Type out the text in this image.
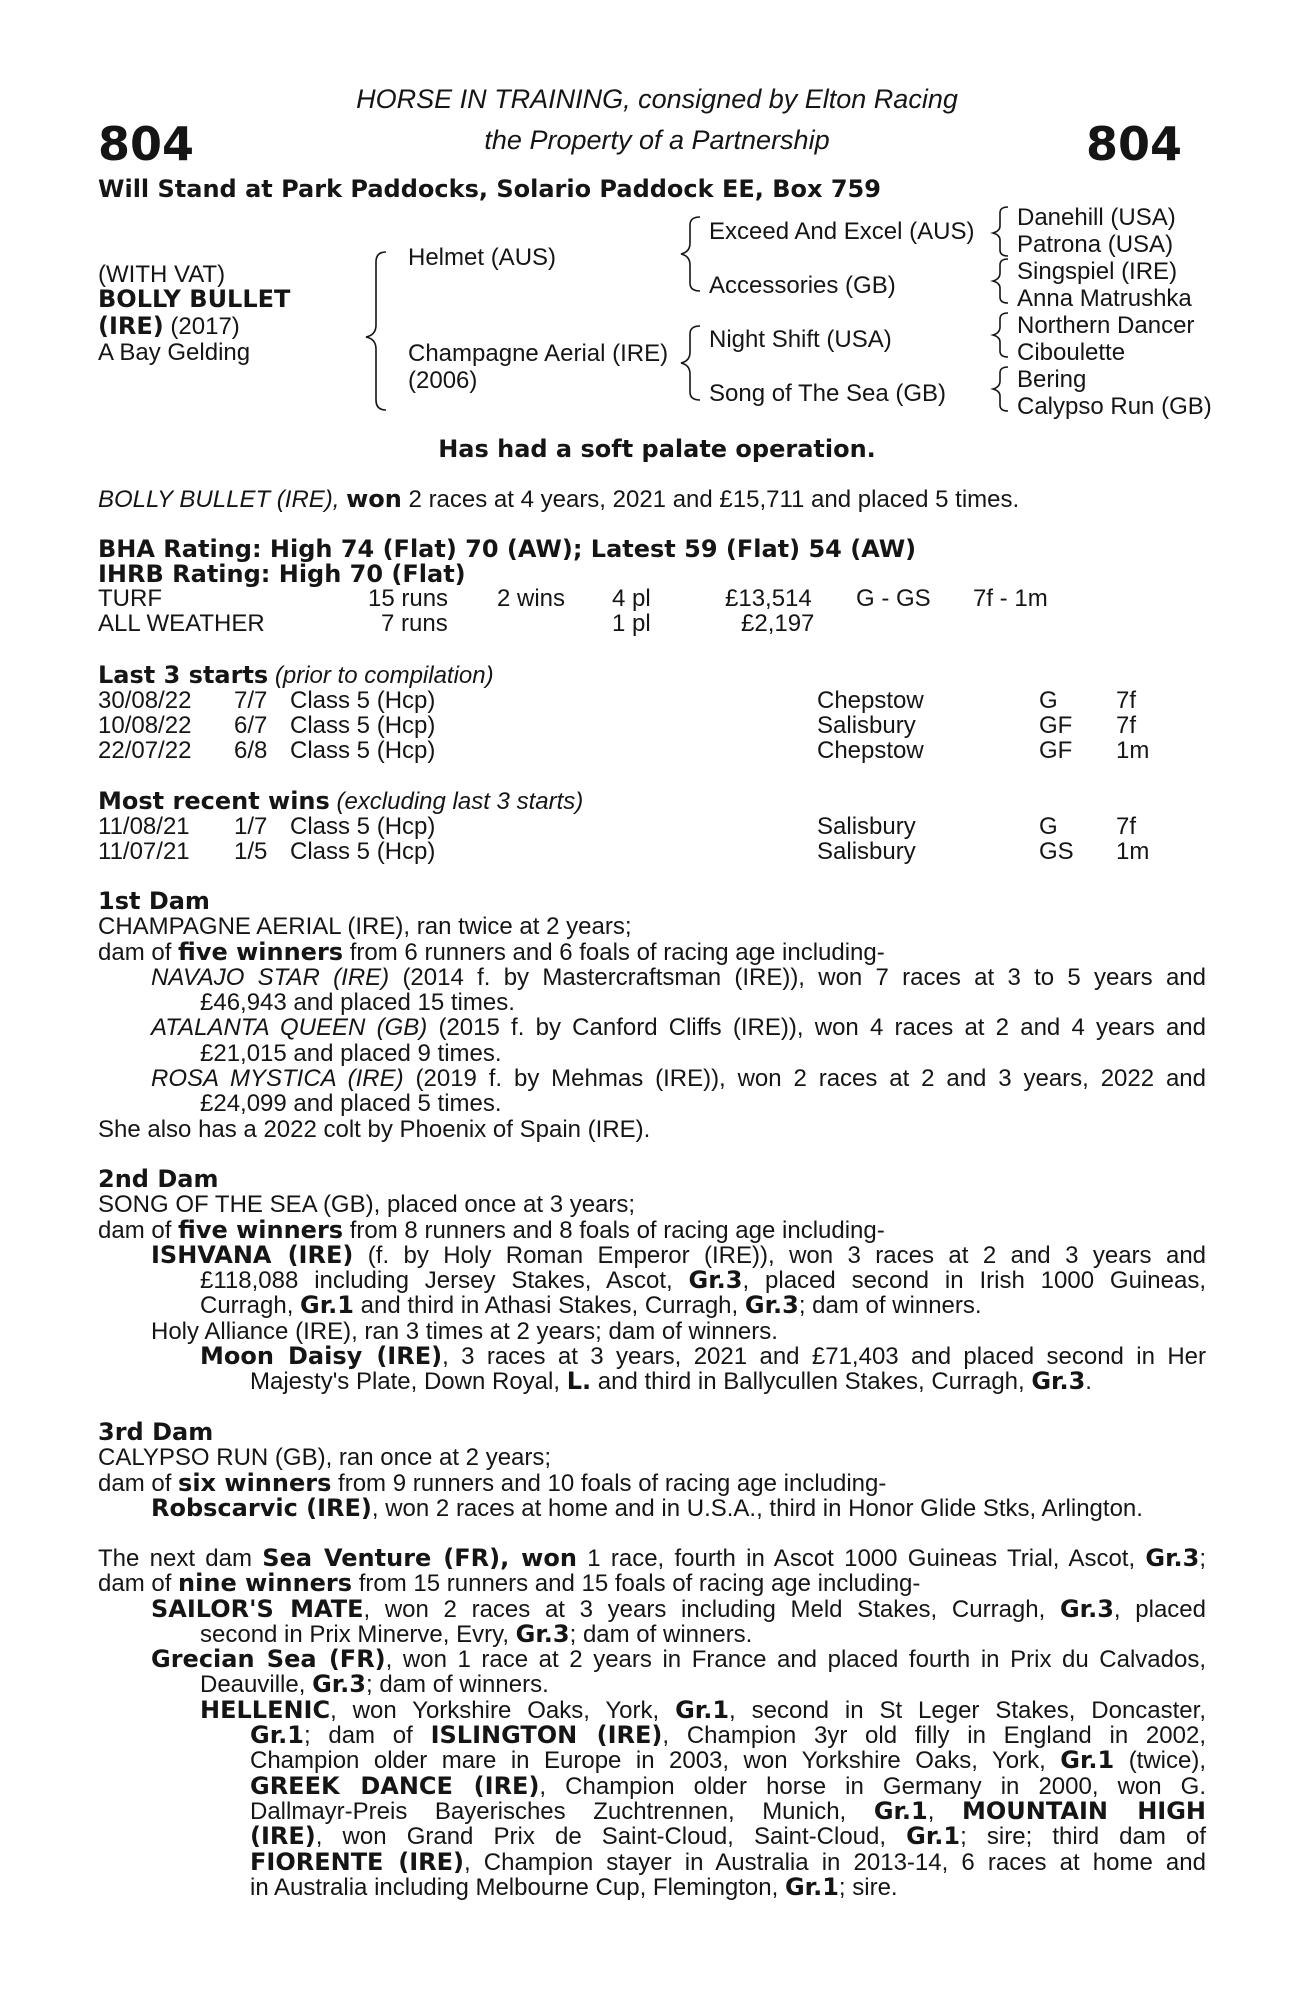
804	804
HORSE IN TRAINING, consigned by Elton Racing
the Property of a Partnership
Will Stand at Park Paddocks, Solario Paddock EE, Box 759
(WITH VAT)
BOLLY BULLET
(IRE) (2017)
A Bay Gelding
Helmet (AUS)
Champagne Aerial (IRE)
(2006)
Exceed And Excel (AUS)
Accessories (GB)
Night Shift (USA)
Song of The Sea (GB)
Danehill (USA)
Patrona (USA)
Singspiel (IRE)
Anna Matrushka
Northern Dancer
Ciboulette
Bering
Calypso Run (GB)
Has had a soft palate operation.
BOLLY BULLET (IRE), won 2 races at 4 years, 2021 and £15,711 and placed 5 times.
BHA Rating: High 74 (Flat) 70 (AW); Latest 59 (Flat) 54 (AW)
IHRB Rating: High 70 (Flat)
TURF	15 runs 2 wins 4 pl	£13,514 G - GS 7f - 1m
ALL WEATHER	7 runs	1 pl	£2,197
Last 3 starts (prior to compilation)
30/08/22 7/7 Class 5 (Hcp)	Chepstow	G 7f
10/08/22 6/7 Class 5 (Hcp)	Salisbury	GF 7f
22/07/22 6/8 Class 5 (Hcp)	Chepstow	GF 1m
Most recent wins (excluding last 3 starts)
11/08/21 1/7 Class 5 (Hcp)	Salisbury	G 7f
11/07/21 1/5 Class 5 (Hcp)	Salisbury	GS 1m
1st Dam
CHAMPAGNE AERIAL (IRE), ran twice at 2 years;
dam of five winners from 6 runners and 6 foals of racing age including-
NAVAJO STAR (IRE) (2014 f. by Mastercraftsman (IRE)), won 7 races at 3 to 5 years and
£46,943 and placed 15 times.
ATALANTA QUEEN (GB) (2015 f. by Canford Cliffs (IRE)), won 4 races at 2 and 4 years and
£21,015 and placed 9 times.
ROSA MYSTICA (IRE) (2019 f. by Mehmas (IRE)), won 2 races at 2 and 3 years, 2022 and
£24,099 and placed 5 times.
She also has a 2022 colt by Phoenix of Spain (IRE).
2nd Dam
SONG OF THE SEA (GB), placed once at 3 years;
dam of five winners from 8 runners and 8 foals of racing age including-
ISHVANA (IRE) (f. by Holy Roman Emperor (IRE)), won 3 races at 2 and 3 years and
£118,088 including Jersey Stakes, Ascot, Gr.3, placed second in Irish 1000 Guineas,
Curragh, Gr.1 and third in Athasi Stakes, Curragh, Gr.3; dam of winners.
Holy Alliance (IRE), ran 3 times at 2 years; dam of winners.
Moon Daisy (IRE), 3 races at 3 years, 2021 and £71,403 and placed second in Her
Majesty's Plate, Down Royal, L. and third in Ballycullen Stakes, Curragh, Gr.3.
3rd Dam
CALYPSO RUN (GB), ran once at 2 years;
dam of six winners from 9 runners and 10 foals of racing age including-
Robscarvic (IRE), won 2 races at home and in U.S.A., third in Honor Glide Stks, Arlington.
The next dam Sea Venture (FR), won 1 race, fourth in Ascot 1000 Guineas Trial, Ascot, Gr.3;
dam of nine winners from 15 runners and 15 foals of racing age including-
SAILOR'S MATE, won 2 races at 3 years including Meld Stakes, Curragh, Gr.3, placed
second in Prix Minerve, Evry, Gr.3; dam of winners.
Grecian Sea (FR), won 1 race at 2 years in France and placed fourth in Prix du Calvados,
Deauville, Gr.3; dam of winners.
HELLENIC, won Yorkshire Oaks, York, Gr.1, second in St Leger Stakes, Doncaster,
Gr.1; dam of ISLINGTON (IRE), Champion 3yr old filly in England in 2002,
Champion older mare in Europe in 2003, won Yorkshire Oaks, York, Gr.1 (twice),
GREEK DANCE (IRE), Champion older horse in Germany in 2000, won G.
Dallmayr-Preis Bayerisches Zuchtrennen, Munich, Gr.1, MOUNTAIN HIGH
(IRE), won Grand Prix de Saint-Cloud, Saint-Cloud, Gr.1; sire; third dam of
FIORENTE (IRE), Champion stayer in Australia in 2013-14, 6 races at home and
in Australia including Melbourne Cup, Flemington, Gr.1; sire.
